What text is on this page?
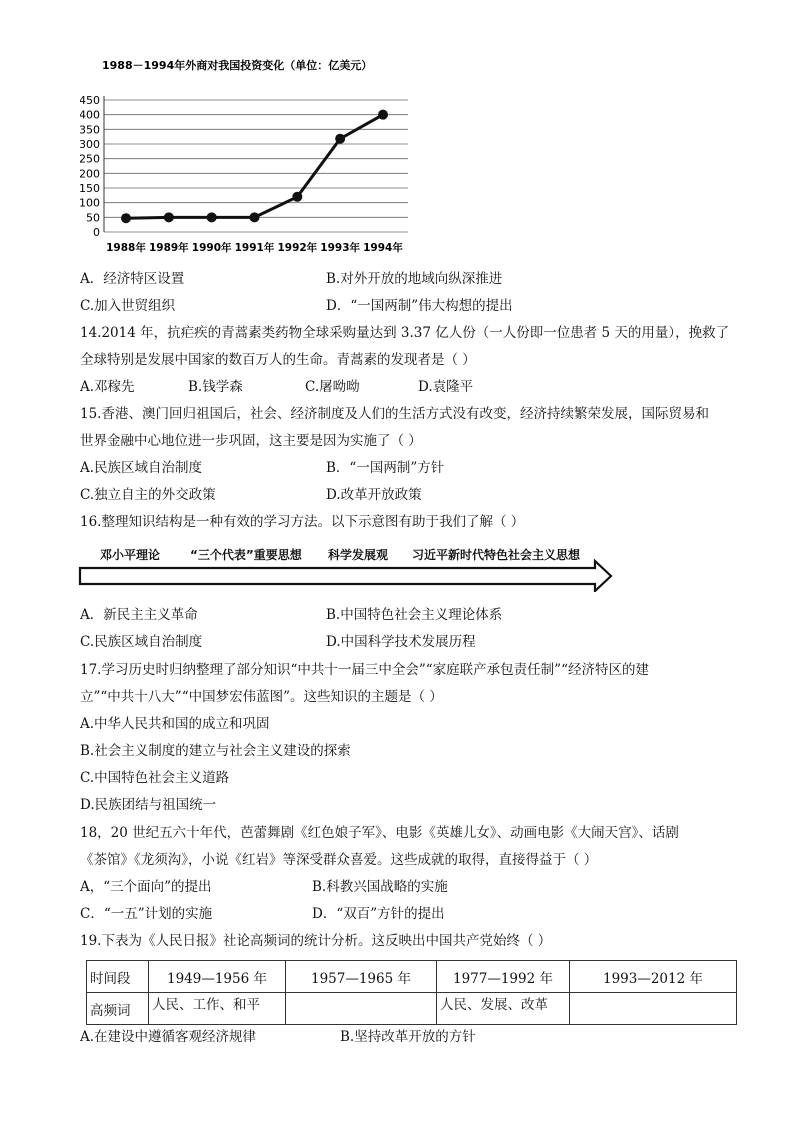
1988－1994年外商对我国投资变化（单位：亿美元）
450
400
350
300
250
200
150
100
50
0
1988年 1989年 1990年 1991年 1992年 1993年 1994年
A．经济特区设置	B.对外开放的地域向纵深推进
C.加入世贸组织	D．“一国两制”伟大构想的提出
14.2014 年，抗疟疾的青蒿素类药物全球采购量达到 3.37 亿人份（一人份即一位患者 5 天的用量），挽救了
全球特别是发展中国家的数百万人的生命。青蒿素的发现者是（ ）
A.邓稼先	B.钱学森	C.屠呦呦	D.袁隆平
15.香港、澳门回归祖国后，社会、经济制度及人们的生活方式没有改变，经济持续繁荣发展，国际贸易和
世界金融中心地位进一步巩固，这主要是因为实施了（ ）
A.民族区域自治制度	B．“一国两制”方针
C.独立自主的外交政策	D.改革开放政策
16.整理知识结构是一种有效的学习方法。以下示意图有助于我们了解（ ）
邓小平理论 “三个代表”重要思想 科学发展观 习近平新时代特色社会主义思想
A．新民主主义革命	B.中国特色社会主义理论体系
C.民族区域自治制度	D.中国科学技术发展历程
17.学习历史时归纳整理了部分知识“中共十一届三中全会”“家庭联产承包责任制”“经济特区的建
立”“中共十八大”“中国梦宏伟蓝图”。这些知识的主题是（ ）
A.中华人民共和国的成立和巩固
B.社会主义制度的建立与社会主义建设的探索
C.中国特色社会主义道路
D.民族团结与祖国统一
18，20 世纪五六十年代，芭蕾舞剧《红色娘子军》、电影《英雄儿女》、动画电影《大闹天宫》、话剧
《茶馆》《龙须沟》，小说《红岩》等深受群众喜爱。这些成就的取得，直接得益于（ ）
A，“三个面向”的提出	B.科教兴国战略的实施
C．“一五”计划的实施	D．“双百”方针的提出
19.下表为《人民日报》社论高频词的统计分析。这反映出中国共产党始终（ ）
时间段	1949—1956 年	1957—1965 年	1977—1992 年	1993—2012 年
高频词	人民、工作、和平		人民、发展、改革	
A.在建设中遵循客观经济规律	B.坚持改革开放的方针
